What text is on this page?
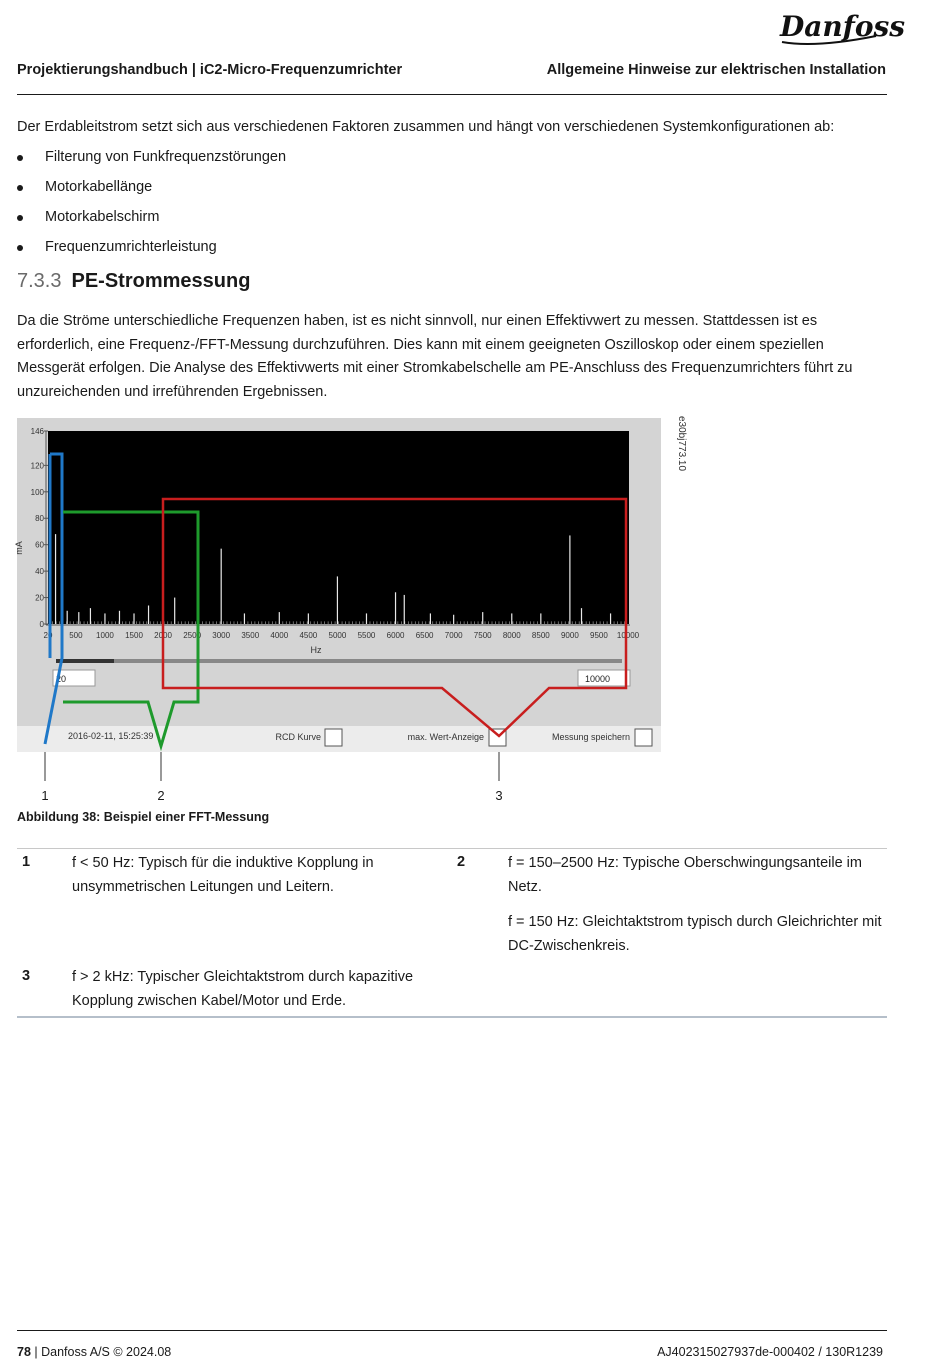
Danfoss
Projektierungshandbuch | iC2-Micro-Frequenzumrichter	Allgemeine Hinweise zur elektrischen Installation
Der Erdableitstrom setzt sich aus verschiedenen Faktoren zusammen und hängt von verschiedenen Systemkonfigurationen ab:
Filterung von Funkfrequenzstörungen
Motorkabellänge
Motorkabelschirm
Frequenzumrichterleistung
7.3.3 PE-Strommessung
Da die Ströme unterschiedliche Frequenzen haben, ist es nicht sinnvoll, nur einen Effektivwert zu messen. Stattdessen ist es erforderlich, eine Frequenz-/FFT-Messung durchzuführen. Dies kann mit einem geeigneten Oszilloskop oder einem speziellen Messgerät erfolgen. Die Analyse des Effektivwerts mit einer Stromkabelschelle am PE-Anschluss des Frequenzumrichters führt zu unzureichenden und irreführenden Ergebnissen.
146
120
100
80
60
40
20
0
20 500 1000 1500 2000 2500 3000 3500 4000 4500 5000 5500 6000 6500 7000 7500 8000 8500 9000 9500 10000
mA
Hz
20	10000
2016-02-11, 15:25:39	RCD Kurve	max. Wert-Anzeige	Messung speichern
1	2	3
e30bj773.10
Abbildung 38: Beispiel einer FFT-Messung
1	f < 50 Hz: Typisch für die induktive Kopplung in
unsymmetrischen Leitungen und Leitern.
2	f = 150–2500 Hz: Typische Oberschwingungsanteile im
Netz.
f = 150 Hz: Gleichtaktstrom typisch durch Gleichrichter mit
DC-Zwischenkreis.
3	f > 2 kHz: Typischer Gleichtaktstrom durch kapazitive
Kopplung zwischen Kabel/Motor und Erde.
78 | Danfoss A/S © 2024.08	AJ402315027937de-000402 / 130R1239
